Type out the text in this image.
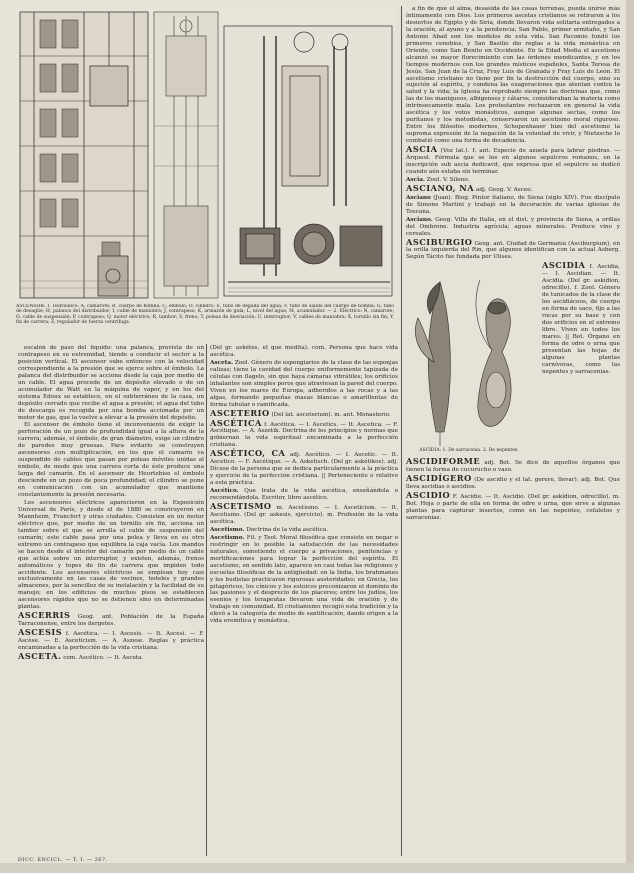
ASCENSOR: 1. Hidráulico: A, camarote; B, cuerpo de bomba; C, émbolo; D, cilindro; E, tubo de llegada del agua; F, tubo de salida del cuerpo de bomba; G, tubo de desagüe; H, palanca del distribuidor; I, cable de maniobra; J, contrapeso; K, armazón de guía; L, nivel del agua; M, acumulador. — 2. Eléctrico: N, camarote; O, cable de suspensión; P, contrapeso; Q, motor eléctrico; R, tambor; S, freno; T, poleas de desviación; U, interruptor; V, cables de maniobra; X, tornillo sin fin; Y, fin de carrera; Z, regulador de fuerza centrífuga.

escalón de paso del líquido: una palanca, provista de un contrapeso en su extremidad, tiende a conducir el sector a la posición vertical. El ascensor sube entonces con la velocidad correspondiente a la presión que se ejerce sobre el émbolo. La palanca del distribuidor se acciona desde la caja por medio de un cable. El agua procede de un depósito elevado o de un acumulador de Watt en la máquina de vapor, y en los del sistema Edoux se establece, en el subterráneo de la casa, un depósito cerrado que recibe el agua a presión; el agua del tubo de descarga es recogida por una bomba accionada por un motor de gas, que la vuelve a elevar a la presión del depósito.

El ascensor de émbolo tiene el inconveniente de exigir la perforación de un pozo de profundidad igual a la altura de la carrera; además, el émbolo, de gran diámetro, exige un cilindro de paredes muy gruesas. Para evitarlo se construyen ascensores con multiplicación, en los que el camarín va suspendido de cables que pasan por poleas móviles unidas al émbolo, de modo que una carrera corta de éste produce una larga del camarín. En el ascensor de Heurtebise el émbolo desciende en un pozo de poca profundidad; el cilindro se pone en comunicación con un acumulador que mantiene constantemente la presión necesaria.

Los ascensores eléctricos aparecieron en la Exposición Universal de París, y desde el de 1880 se construyeron en Mannheim, Francfort y otras ciudades. Consisten en un motor eléctrico que, por medio de un tornillo sin fin, acciona un tambor sobre el que se arrolla el cable de suspensión del camarín; este cable pasa por una polea y lleva en su otro extremo un contrapeso que equilibra la caja vacía. Los mandos se hacen desde el interior del camarín por medio de un cable que actúa sobre un interruptor, y existen, además, frenos automáticos y topes de fin de carrera que impiden todo accidente. Los ascensores eléctricos se emplean hoy casi exclusivamente en las casas de vecinos, hoteles y grandes almacenes, por la sencillez de su instalación y la facilidad de su manejo; en los edificios de muchos pisos se establecen ascensores rápidos que no se detienen sino en determinadas plantas.

ASCERRIS Geog. ant. Población de la España Tarraconense, entre los ilergetes.

ASCESIS f. Ascética. — I. Ascesis. — It. Ascesi. — F. Ascèse. — E. Asceticism. — A. Aszese. Reglas y práctica encaminadas a la perfección de la vida cristiana.

ASCETA. com. Ascético. — It. Asceta.

(Del gr. askétes, el que medita). com. Persona que hace vida ascética.

Asceta. Zool. Género de espongiarios de la clase de las esponjas calizas; tiene la cavidad del cuerpo uniformemente tapizada de células con flagelo, sin que haya cámaras vibrátiles; los orificios inhalantes son simples poros que atraviesan la pared del cuerpo. Viven en los mares de Europa, adheridos a las rocas y a las algas, formando pequeñas masas blancas o amarillentas de forma tubular o ramificada.

ASCETERIO (Del lat. asceterium). m. ant. Monasterio.

ASCÉTICA f. Ascética. — I. Ascetics. — It. Ascetica. — F. Ascétique. — A. Aszetik. Doctrina de los principios y normas que gobiernan la vida espiritual encaminada a la perfección cristiana.

ASCÉTICO, CA adj. Ascético. — I. Ascetic. — It. Ascetico. — F. Ascétique. — A. Asketisch. (Del gr. askétikos). adj. Dícese de la persona que se dedica particularmente a la práctica y ejercicio de la perfección cristiana. || Perteneciente o relativo a esta práctica.

Ascético. Que trata de la vida ascética, enseñándola o recomendándola. Escritor, libro ascético.

ASCETISMO m. Ascetismo. — I. Asceticism. — It. Ascetismo. (Del gr. askesis, ejercicio). m. Profesión de la vida ascética.

Ascetismo. Doctrina de la vida ascética.

Ascetismo. Fil. y Teol. Moral filosófica que consiste en negar o restringir en lo posible la satisfacción de las necesidades naturales, sometiendo el cuerpo a privaciones, penitencias y mortificaciones para lograr la perfección del espíritu. El ascetismo, en sentido lato, aparece en casi todas las religiones y escuelas filosóficas de la antigüedad: en la India, los brahmanes y los budistas practicaron rigurosas austeridades; en Grecia, los pitagóricos, los cínicos y los estoicos preconizaron el dominio de las pasiones y el desprecio de los placeres; entre los judíos, los esenios y los terapeutas llevaron una vida de oración y de trabajo en comunidad. El cristianismo recogió esta tradición y la elevó a la categoría de medio de santificación, dando origen a la vida eremítica y monástica.

a fin de que el alma, desasida de las cosas terrenas, pueda unirse más íntimamente con Dios. Los primeros ascetas cristianos se retiraron a los desiertos de Egipto y de Siria, donde llevaron vida solitaria entregados a la oración, al ayuno y a la penitencia; San Pablo, primer ermitaño, y San Antonio Abad son los modelos de esta vida. San Pacomio fundó los primeros cenobios, y San Basilio dio reglas a la vida monástica en Oriente, como San Benito en Occidente. En la Edad Media el ascetismo alcanzó su mayor florecimiento con las órdenes mendicantes, y en los tiempos modernos con los grandes místicos españoles, Santa Teresa de Jesús, San Juan de la Cruz, Fray Luis de Granada y Fray Luis de León. El ascetismo cristiano no tiene por fin la destrucción del cuerpo, sino su sujeción al espíritu, y condena las exageraciones que atentan contra la salud y la vida; la Iglesia ha reprobado siempre las doctrinas que, como las de los maniqueos, albigenses y cátaros, consideraban la materia como intrínsecamente mala. Los protestantes rechazaron en general la vida ascética y los votos monásticos, aunque algunas sectas, como los puritanos y los metodistas, conservaron un ascetismo moral riguroso. Entre los filósofos modernos, Schopenhauer hizo del ascetismo la suprema expresión de la negación de la voluntad de vivir, y Nietzsche lo combatió como una forma de decadencia.

ASCIA (Voz lat.). f. ant. Especie de azuela para labrar piedras. — Arqueol. Fórmula que se lee en algunos sepulcros romanos, en la inscripción sub ascia dedicavit, que expresa que el sepulcro se dedicó cuando aún estaba sin terminar.

Ascia. Zool. V. Sileno.

ASCIANO, NA adj. Geog. V. Asceo.

Asciano (Juan). Biog. Pintor italiano, de Siena (siglo XIV). Fue discípulo de Simone Martini y trabajó en la decoración de varias iglesias de Toscana.

Asciano. Geog. Villa de Italia, en el dist. y provincia de Siena, a orillas del Ombrone. Industria agrícola; aguas minerales. Produce vino y cereales.

ASCIBURGIO Geog. ant. Ciudad de Germania (Asciburgium), en la orilla izquierda del Rin, que algunos identifican con la actual Asberg. Según Tácito fue fundada por Ulises.

ASCIDIA f. Ascidia. — I. Ascidian. — It. Ascidia. (Del gr. askídion, odrecillo). f. Zool. Género de tunicados de la clase de los ascidiáceos, de cuerpo en forma de saco, fijo a las rocas por su base y con dos orificios en el extremo libre. Viven en todos los mares. || Bot. Órgano en forma de odre o urna que presentan las hojas de algunas plantas carnívoras, como las nepentes y sarracenias.

ASCIDIFORME adj. Bot. Se dice de aquellos órganos que tienen la forma de cucurucho o vaso.

ASCIDÍGERO (De ascidio y el lat. gerere, llevar). adj. Bot. Que lleva ascidias o ascidios.

ASCIDIO F. Ascidie. — It. Ascidio. (Del gr. askídion, odrecillo). m. Bot. Hoja o parte de ella en forma de odre o urna, que sirve a algunas plantas para capturar insectos, como en las nepentes, cefalotos y sarracenias.

ASCIDIA: 1. De sarracenia. 2. De nepentes.
DICC. ENCICL. — T. I. — 267.
